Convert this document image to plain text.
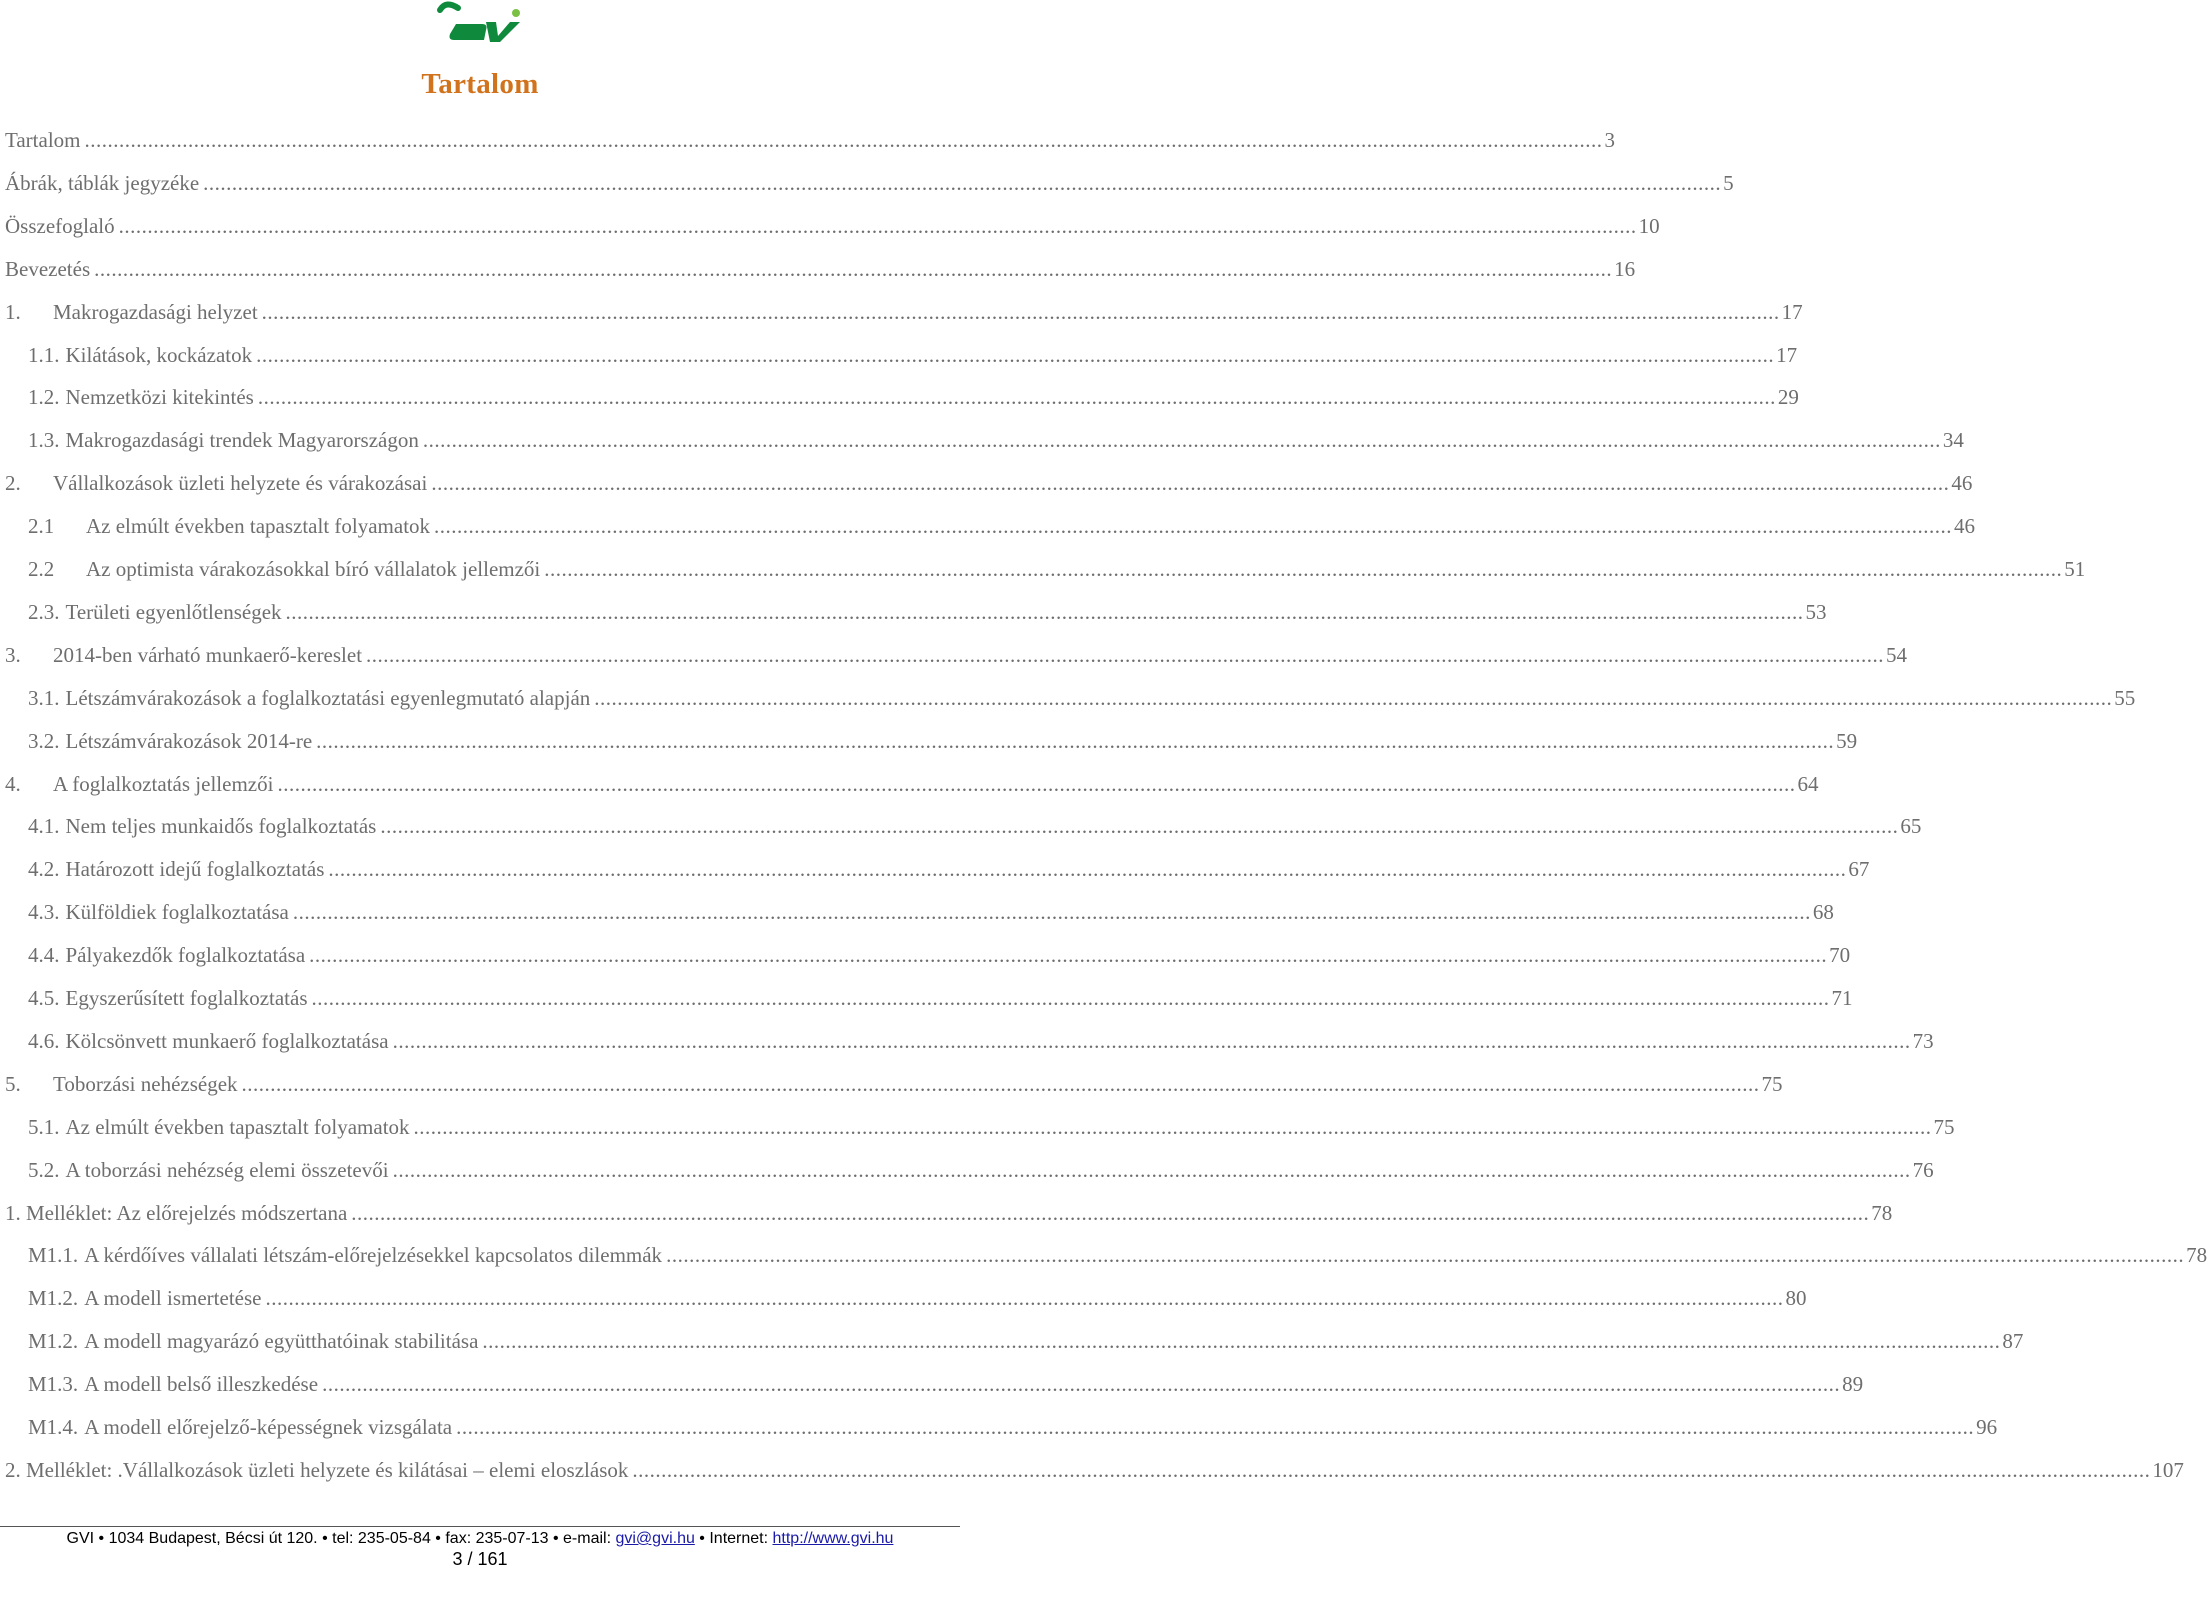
Tartalom
Tartalom .....	3
Ábrák, táblák jegyzéke .....	5
Összefoglaló .....	10
Bevezetés .....	16
1.	Makrogazdasági helyzet .....	17
1.1. Kilátások, kockázatok .....	17
1.2. Nemzetközi kitekintés .....	29
1.3. Makrogazdasági trendek Magyarországon .....	34
2.	Vállalkozások üzleti helyzete és várakozásai .....	46
2.1	Az elmúlt években tapasztalt folyamatok .....	46
2.2	Az optimista várakozásokkal bíró vállalatok jellemzői .....	51
2.3. Területi egyenlőtlenségek .....	53
3.	2014-ben várható munkaerő-kereslet .....	54
3.1. Létszámvárakozások a foglalkoztatási egyenlegmutató alapján .....	55
3.2. Létszámvárakozások 2014-re .....	59
4.	A foglalkoztatás jellemzői .....	64
4.1. Nem teljes munkaidős foglalkoztatás .....	65
4.2. Határozott idejű foglalkoztatás .....	67
4.3. Külföldiek foglalkoztatása .....	68
4.4. Pályakezdők foglalkoztatása .....	70
4.5. Egyszerűsített foglalkoztatás .....	71
4.6. Kölcsönvett munkaerő foglalkoztatása .....	73
5.	Toborzási nehézségek .....	75
5.1. Az elmúlt években tapasztalt folyamatok .....	75
5.2. A toborzási nehézség elemi összetevői .....	76
1. Melléklet: Az előrejelzés módszertana .....	78
M1.1. A kérdőíves vállalati létszám-előrejelzésekkel kapcsolatos dilemmák .....	78
M1.2. A modell ismertetése .....	80
M1.2. A modell magyarázó együtthatóinak stabilitása .....	87
M1.3. A modell belső illeszkedése .....	89
M1.4. A modell előrejelző-képességnek vizsgálata .....	96
2. Melléklet: .Vállalkozások üzleti helyzete és kilátásai – elemi eloszlások .....	107
GVI • 1034 Budapest, Bécsi út 120. • tel: 235-05-84 • fax: 235-07-13 • e-mail: gvi@gvi.hu • Internet: http://www.gvi.hu
3 / 161
